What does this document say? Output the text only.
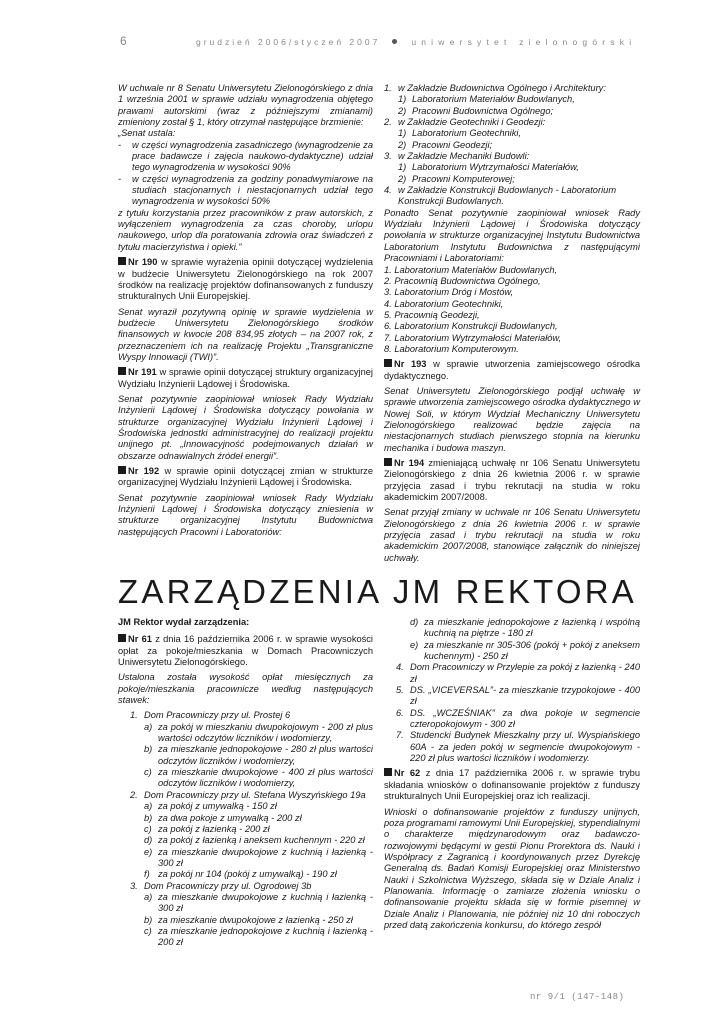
6	grudzień 2006/styczeń 2007	uniwersytet zielonogórski

W uchwale nr 8 Senatu Uniwersytetu Zielonogórskiego z dnia 1 września 2001 w sprawie udziału wynagrodzenia objętego prawami autorskimi (wraz z późniejszymi zmianami) zmieniony został § 1, który otrzymał następujące brzmienie:

„Senat ustala:

-	w części wynagrodzenia zasadniczego (wynagrodzenie za prace badawcze i zajęcia naukowo-dydaktyczne) udział tego wynagrodzenia w wysokości 90%
-	w części wynagrodzenia za godziny ponadwymiarowe na studiach stacjonarnych i niestacjonarnych udział tego wynagrodzenia w wysokości 50%

z tytułu korzystania przez pracowników z praw autorskich, z wyłączeniem wynagrodzenia za czas choroby, urlopu naukowego, urlop dla poratowania zdrowia oraz świadczeń z tytułu macierzyństwa i opieki.”

Nr 190 w sprawie wyrażenia opinii dotyczącej wydzielenia w budżecie Uniwersytetu Zielonogórskiego na rok 2007 środków na realizację projektów dofinansowanych z funduszy strukturalnych Unii Europejskiej.

Senat wyraził pozytywną opinię w sprawie wydzielenia w budżecie Uniwersytetu Zielonogórskiego środków finansowych w kwocie 208 834,95 złotych – na 2007 rok, z przeznaczeniem ich na realizację Projektu „Transgraniczne Wyspy Innowacji (TWI)”.

Nr 191 w sprawie opinii dotyczącej struktury organizacyjnej Wydziału Inżynierii Lądowej i Środowiska.

Senat pozytywnie zaopiniował wniosek Rady Wydziału Inżynierii Lądowej i Środowiska dotyczący powołania w strukturze organizacyjnej Wydziału Inżynierii Lądowej i Środowiska jednostki administracyjnej do realizacji projektu unijnego pt. „Innowacyjność podejmowanych działań w obszarze odnawialnych źródeł energii”.

Nr 192 w sprawie opinii dotyczącej zmian w strukturze organizacyjnej Wydziału Inżynierii Lądowej i Środowiska.

Senat pozytywnie zaopiniował wniosek Rady Wydziału Inżynierii Lądowej i Środowiska dotyczący zniesienia w strukturze organizacyjnej Instytutu Budownictwa następujących Pracowni i Laboratoriów:

1. w Zakładzie Budownictwa Ogólnego i Architektury:
1) Laboratorium Materiałów Budowlanych,
2) Pracowni Budownictwa Ogólnego;
2. w Zakładzie Geotechniki i Geodezji:
1) Laboratorium Geotechniki,
2) Pracowni Geodezji;
3. w Zakładzie Mechaniki Budowli:
1) Laboratorium Wytrzymałości Materiałów,
2) Pracowni Komputerowej;
4. w Zakładzie Konstrukcji Budowlanych - Laboratorium Konstrukcji Budowlanych.

Ponadto Senat pozytywnie zaopiniował wniosek Rady Wydziału Inżynierii Lądowej i Środowiska dotyczący powołania w strukturze organizacyjnej Instytutu Budownictwa Laboratorium Instytutu Budownictwa z następującymi Pracowniami i Laboratoriami:

1. Laboratorium Materiałów Budowlanych,
2. Pracownią Budownictwa Ogólnego,
3. Laboratorium Dróg i Mostów,
4. Laboratorium Geotechniki,
5. Pracownią Geodezji,
6. Laboratorium Konstrukcji Budowlanych,
7. Laboratorium Wytrzymałości Materiałów,
8. Laboratorium Komputerowym.

Nr 193 w sprawie utworzenia zamiejscowego ośrodka dydaktycznego.

Senat Uniwersytetu Zielonogórskiego podjął uchwałę w sprawie utworzenia zamiejscowego ośrodka dydaktycznego w Nowej Soli, w którym Wydział Mechaniczny Uniwersytetu Zielonogórskiego realizować będzie zajęcia na niestacjonarnych studiach pierwszego stopnia na kierunku mechanika i budowa maszyn.

Nr 194 zmieniającą uchwałę nr 106 Senatu Uniwersytetu Zielonogórskiego z dnia 26 kwietnia 2006 r. w sprawie przyjęcia zasad i trybu rekrutacji na studia w roku akademickim 2007/2008.

Senat przyjął zmiany w uchwale nr 106 Senatu Uniwersytetu Zielonogórskiego z dnia 26 kwietnia 2006 r. w sprawie przyjęcia zasad i trybu rekrutacji na studia w roku akademickim 2007/2008, stanowiące załącznik do niniejszej uchwały.

ZARZĄDZENIA JM REKTORA

JM Rektor wydał zarządzenia:

Nr 61 z dnia 16 października 2006 r. w sprawie wysokości opłat za pokoje/mieszkania w Domach Pracowniczych Uniwersytetu Zielonogórskiego.

Ustalona została wysokość opłat miesięcznych za pokoje/mieszkania pracownicze według następujących stawek:

1. Dom Pracowniczy przy ul. Prostej 6
a) za pokój w mieszkaniu dwupokojowym - 200 zł plus wartości odczytów liczników i wodomierzy,
b) za mieszkanie jednopokojowe - 280 zł plus wartości odczytów liczników i wodomierzy,
c) za mieszkanie dwupokojowe - 400 zł plus wartości odczytów liczników i wodomierzy,
2. Dom Pracowniczy przy ul. Stefana Wyszyńskiego 19a
a) za pokój z umywalką - 150 zł
b) za dwa pokoje z umywalką - 200 zł
c) za pokój z łazienką - 200 zł
d) za pokój z łazienką i aneksem kuchennym - 220 zł
e) za mieszkanie dwupokojowe z kuchnią i łazienką - 300 zł
f) za pokój nr 104 (pokój z umywalką) - 190 zł
3. Dom Pracowniczy przy ul. Ogrodowej 3b
a) za mieszkanie dwupokojowe z kuchnią i łazienką - 300 zł
b) za mieszkanie dwupokojowe z łazienką - 250 zł
c) za mieszkanie jednopokojowe z kuchnią i łazienką - 200 zł
d) za mieszkanie jednopokojowe z łazienką i wspólną kuchnią na piętrze - 180 zł
e) za mieszkanie nr 305-306 (pokój + pokój z aneksem kuchennym) - 250 zł
4. Dom Pracowniczy w Przylepie za pokój z łazienką - 240 zł
5. DS. „VICEVERSAL”- za mieszkanie trzypokojowe - 400 zł
6. DS. „WCZEŚNIAK” za dwa pokoje w segmencie czteropokojowym - 300 zł
7. Studencki Budynek Mieszkalny przy ul. Wyspiańskiego 60A - za jeden pokój w segmencie dwupokojowym - 220 zł plus wartości liczników i wodomierzy.

Nr 62 z dnia 17 października 2006 r. w sprawie trybu składania wniosków o dofinansowanie projektów z funduszy strukturalnych Unii Europejskiej oraz ich realizacji.

Wnioski o dofinansowanie projektów z funduszy unijnych, poza programami ramowymi Unii Europejskiej, stypendialnymi o charakterze międzynarodowym oraz badawczo-rozwojowymi będącymi w gestii Pionu Prorektora ds. Nauki i Współpracy z Zagranicą i koordynowanych przez Dyrekcję Generalną ds. Badań Komisji Europejskiej oraz Ministerstwo Nauki i Szkolnictwa Wyższego, składa się w Dziale Analiz i Planowania. Informację o zamiarze złożenia wniosku o dofinansowanie projektu składa się w formie pisemnej w Dziale Analiz i Planowania, nie później niż 10 dni roboczych przed datą zakończenia konkursu, do którego zespół

nr 9/1 (147-148)
